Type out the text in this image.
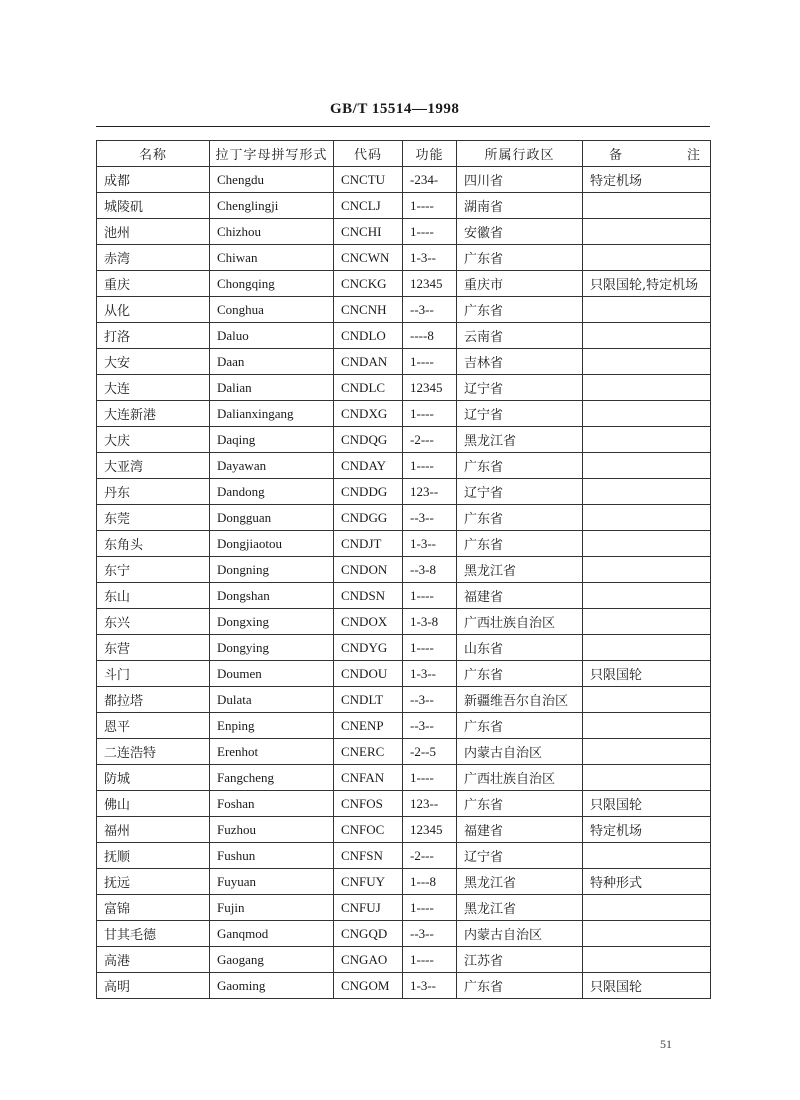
GB/T 15514—1998
名称	拉丁字母拼写形式	代码	功能	所属行政区	备　注
成都	Chengdu	CNCTU	-234-	四川省	特定机场
城陵矶	Chenglingji	CNCLJ	1----	湖南省	
池州	Chizhou	CNCHI	1----	安徽省	
赤湾	Chiwan	CNCWN	1-3--	广东省	
重庆	Chongqing	CNCKG	12345	重庆市	只限国轮,特定机场
从化	Conghua	CNCNH	--3--	广东省	
打洛	Daluo	CNDLO	----8	云南省	
大安	Daan	CNDAN	1----	吉林省	
大连	Dalian	CNDLC	12345	辽宁省	
大连新港	Dalianxingang	CNDXG	1----	辽宁省	
大庆	Daqing	CNDQG	-2---	黑龙江省	
大亚湾	Dayawan	CNDAY	1----	广东省	
丹东	Dandong	CNDDG	123--	辽宁省	
东莞	Dongguan	CNDGG	--3--	广东省	
东角头	Dongjiaotou	CNDJT	1-3--	广东省	
东宁	Dongning	CNDON	--3-8	黑龙江省	
东山	Dongshan	CNDSN	1----	福建省	
东兴	Dongxing	CNDOX	1-3-8	广西壮族自治区	
东营	Dongying	CNDYG	1----	山东省	
斗门	Doumen	CNDOU	1-3--	广东省	只限国轮
都拉塔	Dulata	CNDLT	--3--	新疆维吾尔自治区	
恩平	Enping	CNENP	--3--	广东省	
二连浩特	Erenhot	CNERC	-2--5	内蒙古自治区	
防城	Fangcheng	CNFAN	1----	广西壮族自治区	
佛山	Foshan	CNFOS	123--	广东省	只限国轮
福州	Fuzhou	CNFOC	12345	福建省	特定机场
抚顺	Fushun	CNFSN	-2---	辽宁省	
抚远	Fuyuan	CNFUY	1---8	黑龙江省	特种形式
富锦	Fujin	CNFUJ	1----	黑龙江省	
甘其毛德	Ganqmod	CNGQD	--3--	内蒙古自治区	
高港	Gaogang	CNGAO	1----	江苏省	
高明	Gaoming	CNGOM	1-3--	广东省	只限国轮
51
